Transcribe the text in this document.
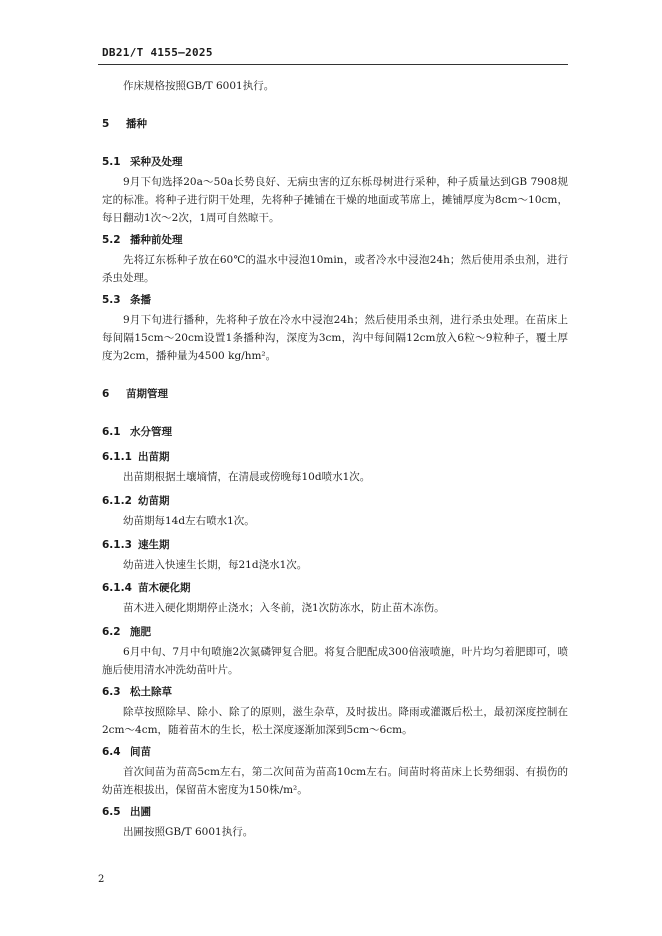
DB21/T 4155—2025

作床规格按照GB/T 6001执行。

5 播种

5.1 采种及处理

9月下旬选择20a～50a长势良好、无病虫害的辽东栎母树进行采种，种子质量达到GB 7908规定的标准。将种子进行阴干处理，先将种子摊铺在干燥的地面或苇席上，摊铺厚度为8cm～10cm，每日翻动1次～2次，1周可自然晾干。

5.2 播种前处理

先将辽东栎种子放在60℃的温水中浸泡10min，或者冷水中浸泡24h；然后使用杀虫剂，进行杀虫处理。

5.3 条播

9月下旬进行播种，先将种子放在冷水中浸泡24h；然后使用杀虫剂，进行杀虫处理。在苗床上每间隔15cm～20cm设置1条播种沟，深度为3cm，沟中每间隔12cm放入6粒～9粒种子，覆土厚度为2cm，播种量为4500 kg/hm²。

6 苗期管理

6.1 水分管理

6.1.1 出苗期

出苗期根据土壤墒情，在清晨或傍晚每10d喷水1次。

6.1.2 幼苗期

幼苗期每14d左右喷水1次。

6.1.3 速生期

幼苗进入快速生长期，每21d浇水1次。

6.1.4 苗木硬化期

苗木进入硬化期期停止浇水；入冬前，浇1次防冻水，防止苗木冻伤。

6.2 施肥

6月中旬、7月中旬喷施2次氮磷钾复合肥。将复合肥配成300倍液喷施，叶片均匀着肥即可，喷施后使用清水冲洗幼苗叶片。

6.3 松土除草

除草按照除早、除小、除了的原则，滋生杂草，及时拔出。降雨或灌溉后松土，最初深度控制在2cm～4cm，随着苗木的生长，松土深度逐渐加深到5cm～6cm。

6.4 间苗

首次间苗为苗高5cm左右，第二次间苗为苗高10cm左右。间苗时将苗床上长势细弱、有损伤的幼苗连根拔出，保留苗木密度为150株/m²。

6.5 出圃

出圃按照GB/T 6001执行。

2
